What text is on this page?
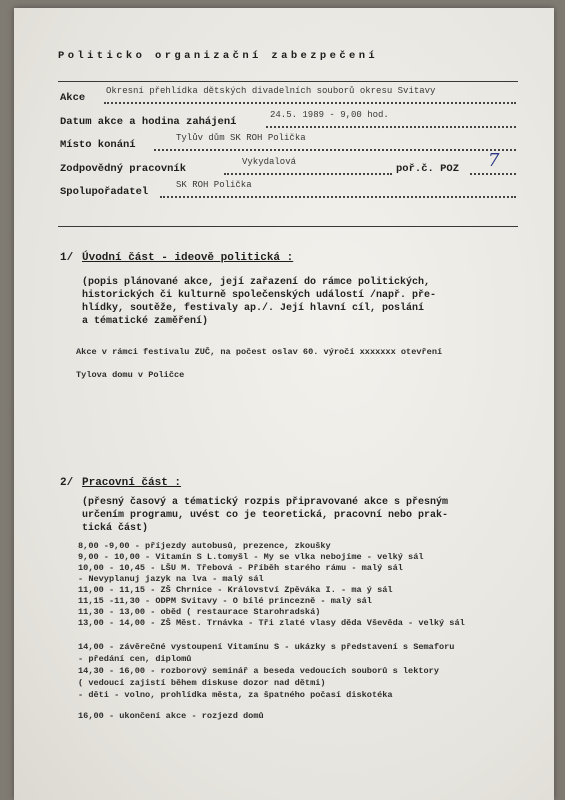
Politicko organizační zabezpečení
Akce
Okresní přehlídka dětských divadelních souborů okresu Svitavy
Datum akce a hodina zahájení
24.5. 1989 - 9,00 hod.
Místo konání
Tylův dům SK ROH Polička
Zodpovědný pracovník
Vykydalová
poř.č. POZ 7
Spolupořadatel
SK ROH Polička
1/ Úvodní část - ideově politická :
(popis plánované akce, její zařazení do rámce politických,
historických či kulturně společenských událostí /např. pře-
hlídky, soutěže, festivaly ap./. Její hlavní cíl, poslání
a tématické zaměření)
Akce v rámci festivalu ZUČ, na počest oslav 60. výročí xxxxxxx otevření
Tylova domu v Poličce
2/ Pracovní část :
(přesný časový a tématický rozpis připravované akce s přesným
určením programu, uvést co je teoretická, pracovní nebo prak-
tická část)
8,00 -9,00 - příjezdy autobusů, prezence, zkoušky
9,00 - 10,00 - Vitamín S L.tomyšl - My se vlka nebojíme - velký sál
10,00 - 10,45 - LŠU M. Třebová - Příběh starého rámu - malý sál
- Nevyplanuj jazyk na lva - malý sál
11,00 - 11,15 - ZŠ Chrnice - Království Zpěváka I. - ma ý sál
11,15 -11,30 - ODPM Svitavy - O bílé princezně - malý sál
11,30 - 13,00 - oběd ( restaurace Starohradská)
13,00 - 14,00 - ZŠ Měst. Trnávka - Tři zlaté vlasy děda Vševěda - velký sál
14,00 - závěrečné vystoupení Vitamínu S - ukázky s představení s Semaforu
- předání cen, diplomů
14,30 - 16,00 - rozborový seminář a beseda vedoucích souborů s lektory
( vedoucí zajistí během diskuse dozor nad dětmi)
- děti - volno, prohlídka města, za špatného počasí diskotéka
16,00 - ukončení akce - rozjezd domů
